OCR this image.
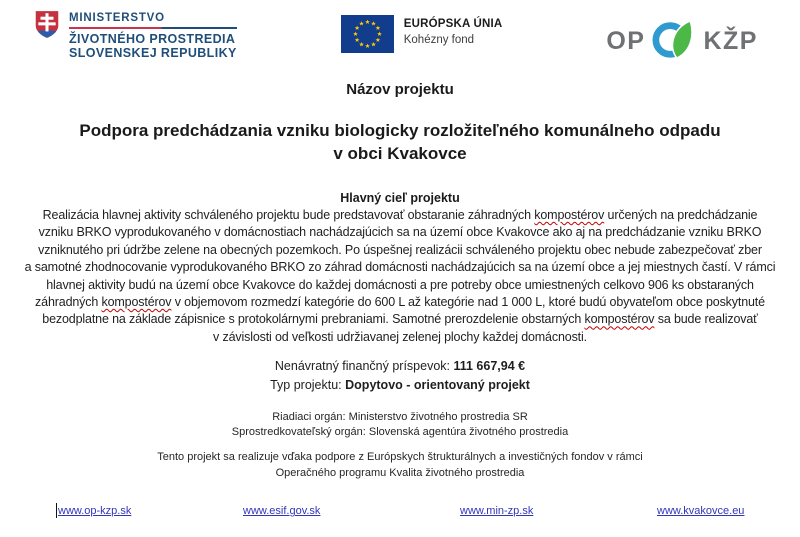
MINISTERSTVO
ŽIVOTNÉHO PROSTREDIA
SLOVENSKEJ REPUBLIKY
EURÓPSKA ÚNIA
Kohézny fond	OP KŽP
Názov projektu
Podpora predchádzania vzniku biologicky rozložiteľného komunálneho odpadu
v obci Kvakovce
Hlavný cieľ projektu
Realizácia hlavnej aktivity schváleného projektu bude predstavovať obstaranie záhradných kompostérov určených na predchádzanie
vzniku BRKO vyprodukovaného v domácnostiach nachádzajúcich sa na území obce Kvakovce ako aj na predchádzanie vzniku BRKO
vzniknutého pri údržbe zelene na obecných pozemkoch. Po úspešnej realizácii schváleného projektu obec nebude zabezpečovať zber
a samotné zhodnocovanie vyprodukovaného BRKO zo záhrad domácnosti nachádzajúcich sa na území obce a jej miestnych častí. V rámci
hlavnej aktivity budú na území obce Kvakovce do každej domácnosti a pre potreby obce umiestnených celkovo 906 ks obstaraných
záhradných kompostérov v objemovom rozmedzí kategórie do 600 L až kategórie nad 1 000 L, ktoré budú obyvateľom obce poskytnuté
bezodplatne na základe zápisnice s protokolárnymi prebraniami. Samotné prerozdelenie obstarných kompostérov sa bude realizovať
v závislosti od veľkosti udržiavanej zelenej plochy každej domácnosti.
Nenávratný finančný príspevok: 111 667,94 €
Typ projektu: Dopytovo - orientovaný projekt
Riadiaci orgán: Ministerstvo životného prostredia SR
Sprostredkovateľský orgán: Slovenská agentúra životného prostredia
Tento projekt sa realizuje vďaka podpore z Európskych štrukturálnych a investičných fondov v rámci
Operačného programu Kvalita životného prostredia
www.op-kzp.sk	www.esif.gov.sk	www.min-zp.sk	www.kvakovce.eu
